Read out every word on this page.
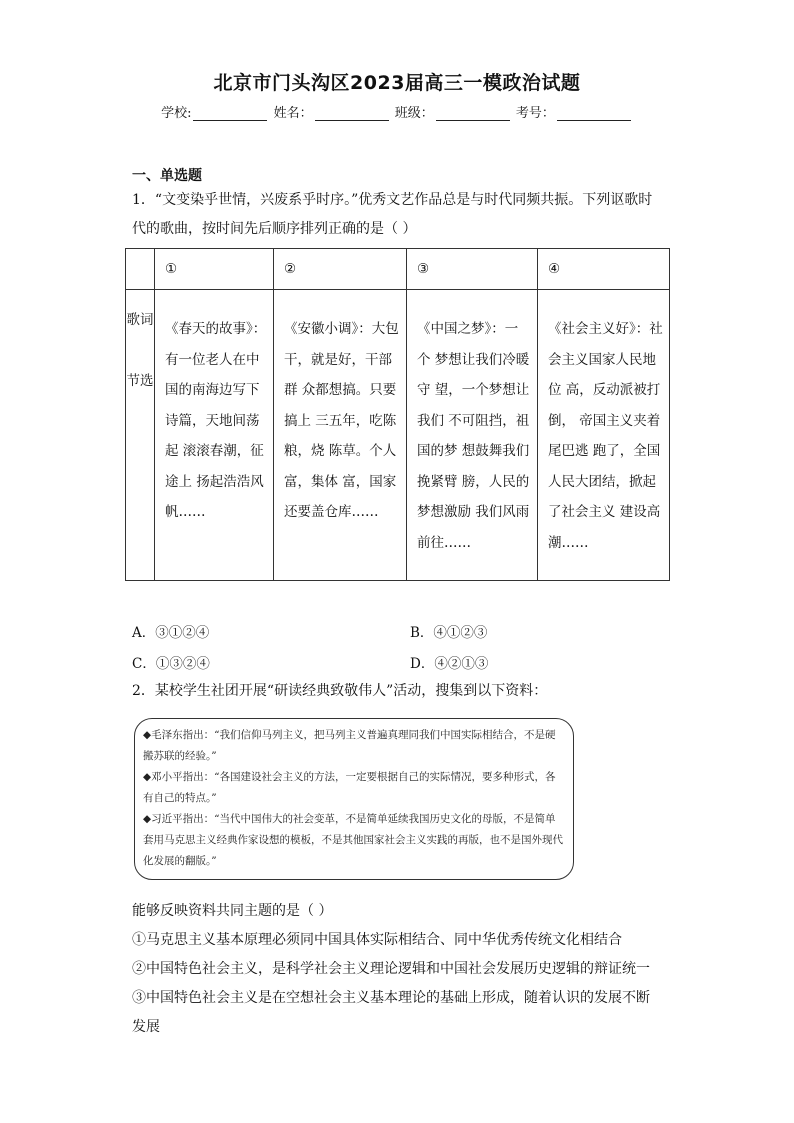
北京市门头沟区2023届高三一模政治试题
学校:	姓名：	班级：	考号：
一、单选题
1．“文变染乎世情，兴废系乎时序。”优秀文艺作品总是与时代同频共振。下列讴歌时
代的歌曲，按时间先后顺序排列正确的是（ ）
	①	②	③	④
歌词节选	《春天的故事》：有一位老人在中国的南海边写下诗篇，天地间荡起 滚滚春潮，征途上 扬起浩浩风帆……	《安徽小调》：大包 干，就是好，干部群 众都想搞。只要搞上 三五年，吃陈粮，烧 陈草。个人富，集体 富，国家还要盖仓库……	《中国之梦》：一个 梦想让我们冷暖守 望，一个梦想让我们 不可阻挡，祖国的梦 想鼓舞我们挽紧臂 膀，人民的梦想激励 我们风雨前往……	《社会主义好》：社 会主义国家人民地位 高，反动派被打倒， 帝国主义夹着尾巴逃 跑了，全国人民大团结，掀起了社会主义 建设高潮……
A．③①②④	B．④①②③
C．①③②④	D．④②①③
2．某校学生社团开展“研读经典致敬伟人”活动，搜集到以下资料：

◆毛泽东指出：“我们信仰马列主义，把马列主义普遍真理同我们中国实际相结合，不是硬搬苏联的经验。”

◆邓小平指出：“各国建设社会主义的方法，一定要根据自己的实际情况，要多种形式，各有自己的特点。”

◆习近平指出：“当代中国伟大的社会变革，不是简单延续我国历史文化的母版，不是简单套用马克思主义经典作家设想的模板，不是其他国家社会主义实践的再版，也不是国外现代化发展的翻版。”

能够反映资料共同主题的是（ ）
①马克思主义基本原理必须同中国具体实际相结合、同中华优秀传统文化相结合
②中国特色社会主义，是科学社会主义理论逻辑和中国社会发展历史逻辑的辩证统一
③中国特色社会主义是在空想社会主义基本理论的基础上形成，随着认识的发展不断
发展
